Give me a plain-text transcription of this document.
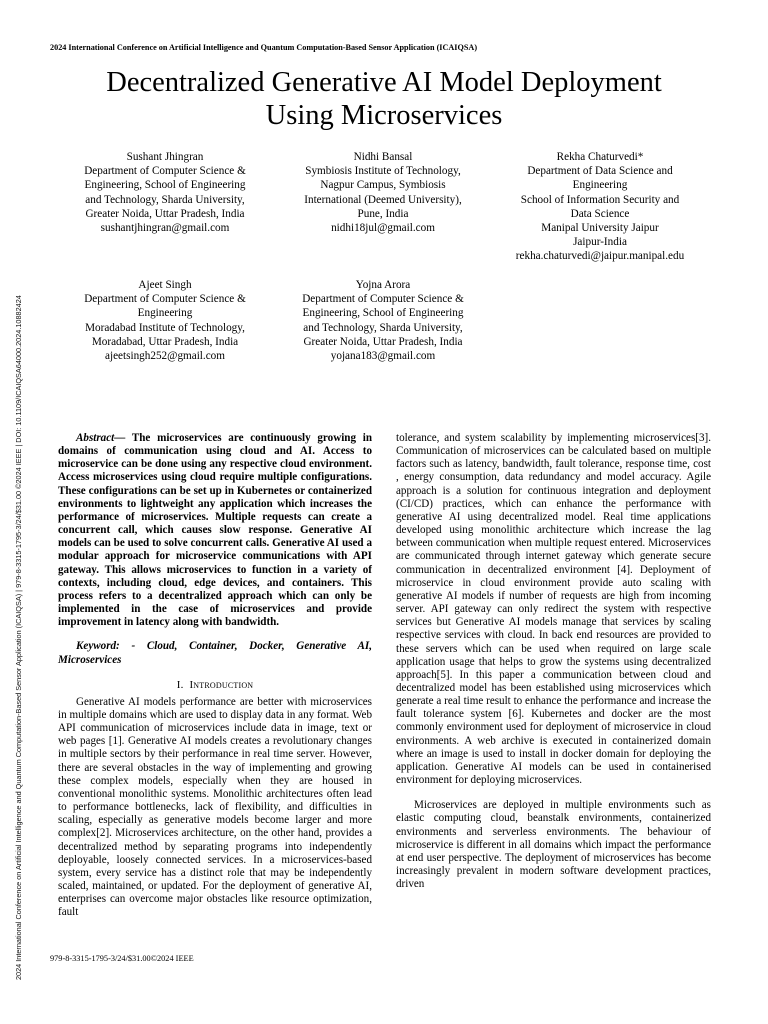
2024 International Conference on Artificial Intelligence and Quantum Computation-Based Sensor Application (ICAIQSA)
2024 International Conference on Artificial Intelligence and Quantum Computation-Based Sensor Application (ICAIQSA) | 979-8-3315-1795-3/24/$31.00 ©2024 IEEE | DOI: 10.1109/ICAIQSA64000.2024.10882424
Decentralized Generative AI Model Deployment
Using Microservices
Sushant Jhingran
Department of Computer Science &
Engineering, School of Engineering
and Technology, Sharda University,
Greater Noida, Uttar Pradesh, India
sushantjhingran@gmail.com
Nidhi Bansal
Symbiosis Institute of Technology,
Nagpur Campus, Symbiosis
International (Deemed University),
Pune, India
nidhi18jul@gmail.com
Rekha Chaturvedi*
Department of Data Science and
Engineering
School of Information Security and
Data Science
Manipal University Jaipur
Jaipur-India
rekha.chaturvedi@jaipur.manipal.edu
Ajeet Singh
Department of Computer Science &
Engineering
Moradabad Institute of Technology,
Moradabad, Uttar Pradesh, India
ajeetsingh252@gmail.com
Yojna Arora
Department of Computer Science &
Engineering, School of Engineering
and Technology, Sharda University,
Greater Noida, Uttar Pradesh, India
yojana183@gmail.com

Abstract— The microservices are continuously growing in domains of communication using cloud and AI. Access to microservice can be done using any respective cloud environment. Access microservices using cloud require multiple configurations. These configurations can be set up in Kubernetes or containerized environments to lightweight any application which increases the performance of microservices. Multiple requests can create a concurrent call, which causes slow response. Generative AI models can be used to solve concurrent calls. Generative AI used a modular approach for microservice communications with API gateway. This allows microservices to function in a variety of contexts, including cloud, edge devices, and containers. This process refers to a decentralized approach which can only be implemented in the case of microservices and provide improvement in latency along with bandwidth.

Keyword: - Cloud, Container, Docker, Generative AI, Microservices

I. Introduction

Generative AI models performance are better with microservices in multiple domains which are used to display data in any format. Web API communication of microservices include data in image, text or web pages [1]. Generative AI models creates a revolutionary changes in multiple sectors by their performance in real time server. However, there are several obstacles in the way of implementing and growing these complex models, especially when they are housed in conventional monolithic systems. Monolithic architectures often lead to performance bottlenecks, lack of flexibility, and difficulties in scaling, especially as generative models become larger and more complex[2]. Microservices architecture, on the other hand, provides a decentralized method by separating programs into independently deployable, loosely connected services. In a microservices-based system, every service has a distinct role that may be independently scaled, maintained, or updated. For the deployment of generative AI, enterprises can overcome major obstacles like resource optimization, fault

tolerance, and system scalability by implementing microservices[3]. Communication of microservices can be calculated based on multiple factors such as latency, bandwidth, fault tolerance, response time, cost , energy consumption, data redundancy and model accuracy. Agile approach is a solution for continuous integration and deployment (CI/CD) practices, which can enhance the performance with generative AI using decentralized model. Real time applications developed using monolithic architecture which increase the lag between communication when multiple request entered. Microservices are communicated through internet gateway which generate secure communication in decentralized environment [4]. Deployment of microservice in cloud environment provide auto scaling with generative AI models if number of requests are high from incoming server. API gateway can only redirect the system with respective services but Generative AI models manage that services by scaling respective services with cloud. In back end resources are provided to these servers which can be used when required on large scale application usage that helps to grow the systems using decentralized approach[5]. In this paper a communication between cloud and decentralized model has been established using microservices which generate a real time result to enhance the performance and increase the fault tolerance system [6]. Kubernetes and docker are the most commonly environment used for deployment of microservice in cloud environments. A web archive is executed in containerized domain where an image is used to install in docker domain for deploying the application. Generative AI models can be used in containerised environment for deploying microservices.

Microservices are deployed in multiple environments such as elastic computing cloud, beanstalk environments, containerized environments and serverless environments. The behaviour of microservice is different in all domains which impact the performance at end user perspective. The deployment of microservices has become increasingly prevalent in modern software development practices, driven

979-8-3315-1795-3/24/$31.00©2024 IEEE
